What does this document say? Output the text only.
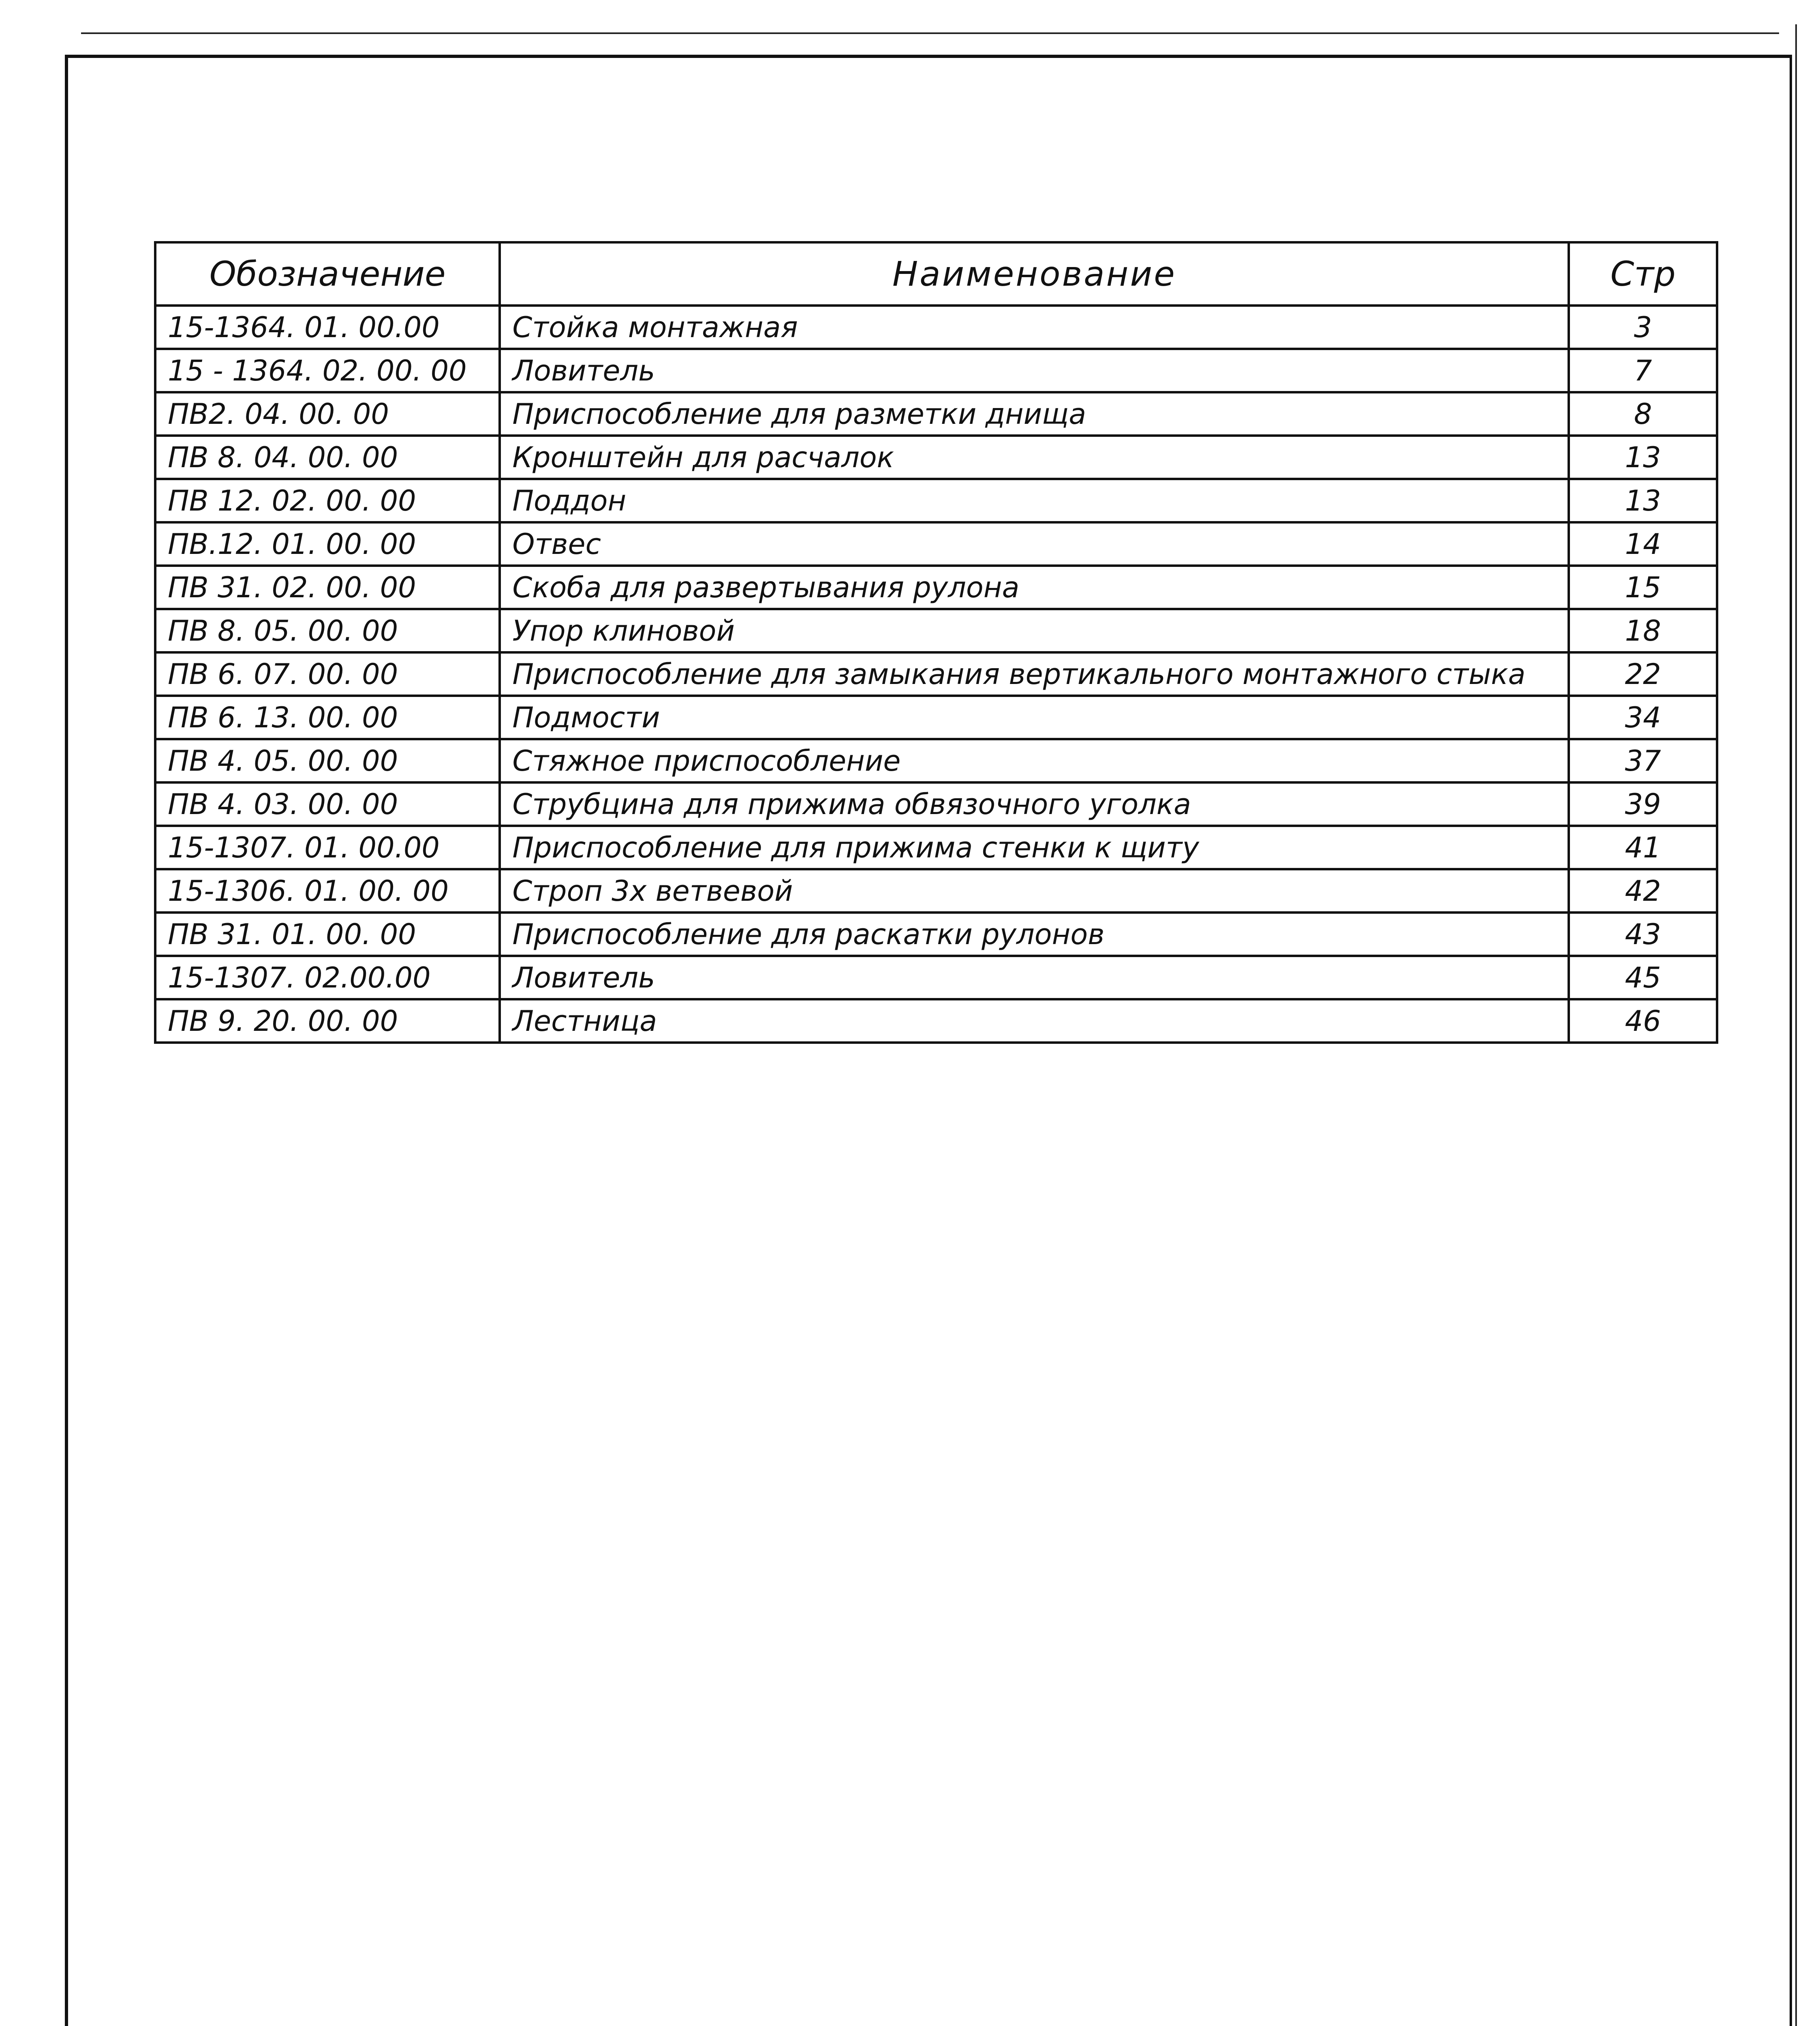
Обозначение	Наименование	Стр
15-1364. 01. 00.00	Стойка монтажная	3
15 - 1364. 02. 00. 00	Ловитель	7
ПВ2. 04. 00. 00	Приспособление для разметки днища	8
ПВ 8. 04. 00. 00	Кронштейн для расчалок	13
ПВ 12. 02. 00. 00	Поддон	13
ПВ.12. 01. 00. 00	Отвес	14
ПВ 31. 02. 00. 00	Скоба для развертывания рулона	15
ПВ 8. 05. 00. 00	Упор клиновой	18
ПВ 6. 07. 00. 00	Приспособление для замыкания вертикального монтажного стыка	22
ПВ 6. 13. 00. 00	Подмости	34
ПВ 4. 05. 00. 00	Стяжное приспособление	37
ПВ 4. 03. 00. 00	Струбцина для прижима обвязочного уголка	39
15-1307. 01. 00.00	Приспособление для прижима стенки к щиту	41
15-1306. 01. 00. 00	Строп 3х ветвевой	42
ПВ 31. 01. 00. 00	Приспособление для раскатки рулонов	43
15-1307. 02.00.00	Ловитель	45
ПВ 9. 20. 00. 00	Лестница	46
